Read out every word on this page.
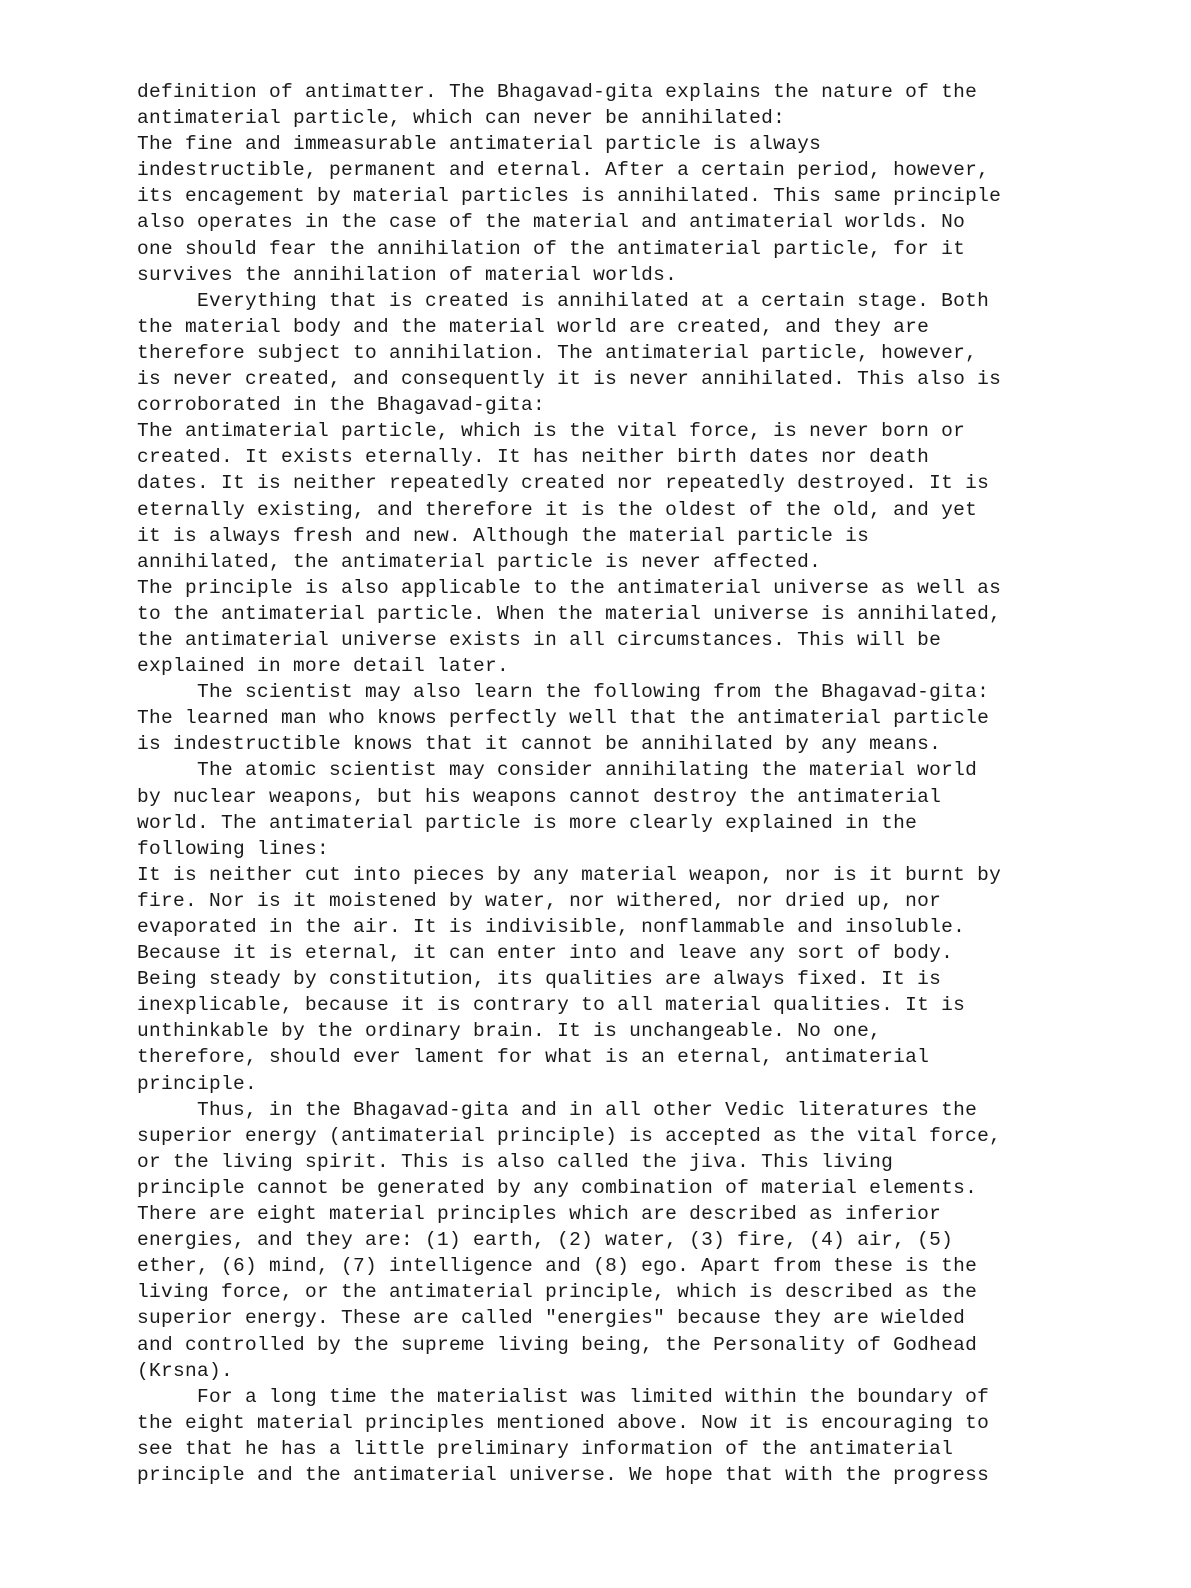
definition of antimatter. The Bhagavad-gita explains the nature of the
antimaterial particle, which can never be annihilated:
The fine and immeasurable antimaterial particle is always
indestructible, permanent and eternal. After a certain period, however,
its encagement by material particles is annihilated. This same principle
also operates in the case of the material and antimaterial worlds. No
one should fear the annihilation of the antimaterial particle, for it
survives the annihilation of material worlds.
Everything that is created is annihilated at a certain stage. Both
the material body and the material world are created, and they are
therefore subject to annihilation. The antimaterial particle, however,
is never created, and consequently it is never annihilated. This also is
corroborated in the Bhagavad-gita:
The antimaterial particle, which is the vital force, is never born or
created. It exists eternally. It has neither birth dates nor death
dates. It is neither repeatedly created nor repeatedly destroyed. It is
eternally existing, and therefore it is the oldest of the old, and yet
it is always fresh and new. Although the material particle is
annihilated, the antimaterial particle is never affected.
The principle is also applicable to the antimaterial universe as well as
to the antimaterial particle. When the material universe is annihilated,
the antimaterial universe exists in all circumstances. This will be
explained in more detail later.
The scientist may also learn the following from the Bhagavad-gita:
The learned man who knows perfectly well that the antimaterial particle
is indestructible knows that it cannot be annihilated by any means.
The atomic scientist may consider annihilating the material world
by nuclear weapons, but his weapons cannot destroy the antimaterial
world. The antimaterial particle is more clearly explained in the
following lines:
It is neither cut into pieces by any material weapon, nor is it burnt by
fire. Nor is it moistened by water, nor withered, nor dried up, nor
evaporated in the air. It is indivisible, nonflammable and insoluble.
Because it is eternal, it can enter into and leave any sort of body.
Being steady by constitution, its qualities are always fixed. It is
inexplicable, because it is contrary to all material qualities. It is
unthinkable by the ordinary brain. It is unchangeable. No one,
therefore, should ever lament for what is an eternal, antimaterial
principle.
Thus, in the Bhagavad-gita and in all other Vedic literatures the
superior energy (antimaterial principle) is accepted as the vital force,
or the living spirit. This is also called the jiva. This living
principle cannot be generated by any combination of material elements.
There are eight material principles which are described as inferior
energies, and they are: (1) earth, (2) water, (3) fire, (4) air, (5)
ether, (6) mind, (7) intelligence and (8) ego. Apart from these is the
living force, or the antimaterial principle, which is described as the
superior energy. These are called "energies" because they are wielded
and controlled by the supreme living being, the Personality of Godhead
(Krsna).
For a long time the materialist was limited within the boundary of
the eight material principles mentioned above. Now it is encouraging to
see that he has a little preliminary information of the antimaterial
principle and the antimaterial universe. We hope that with the progress
